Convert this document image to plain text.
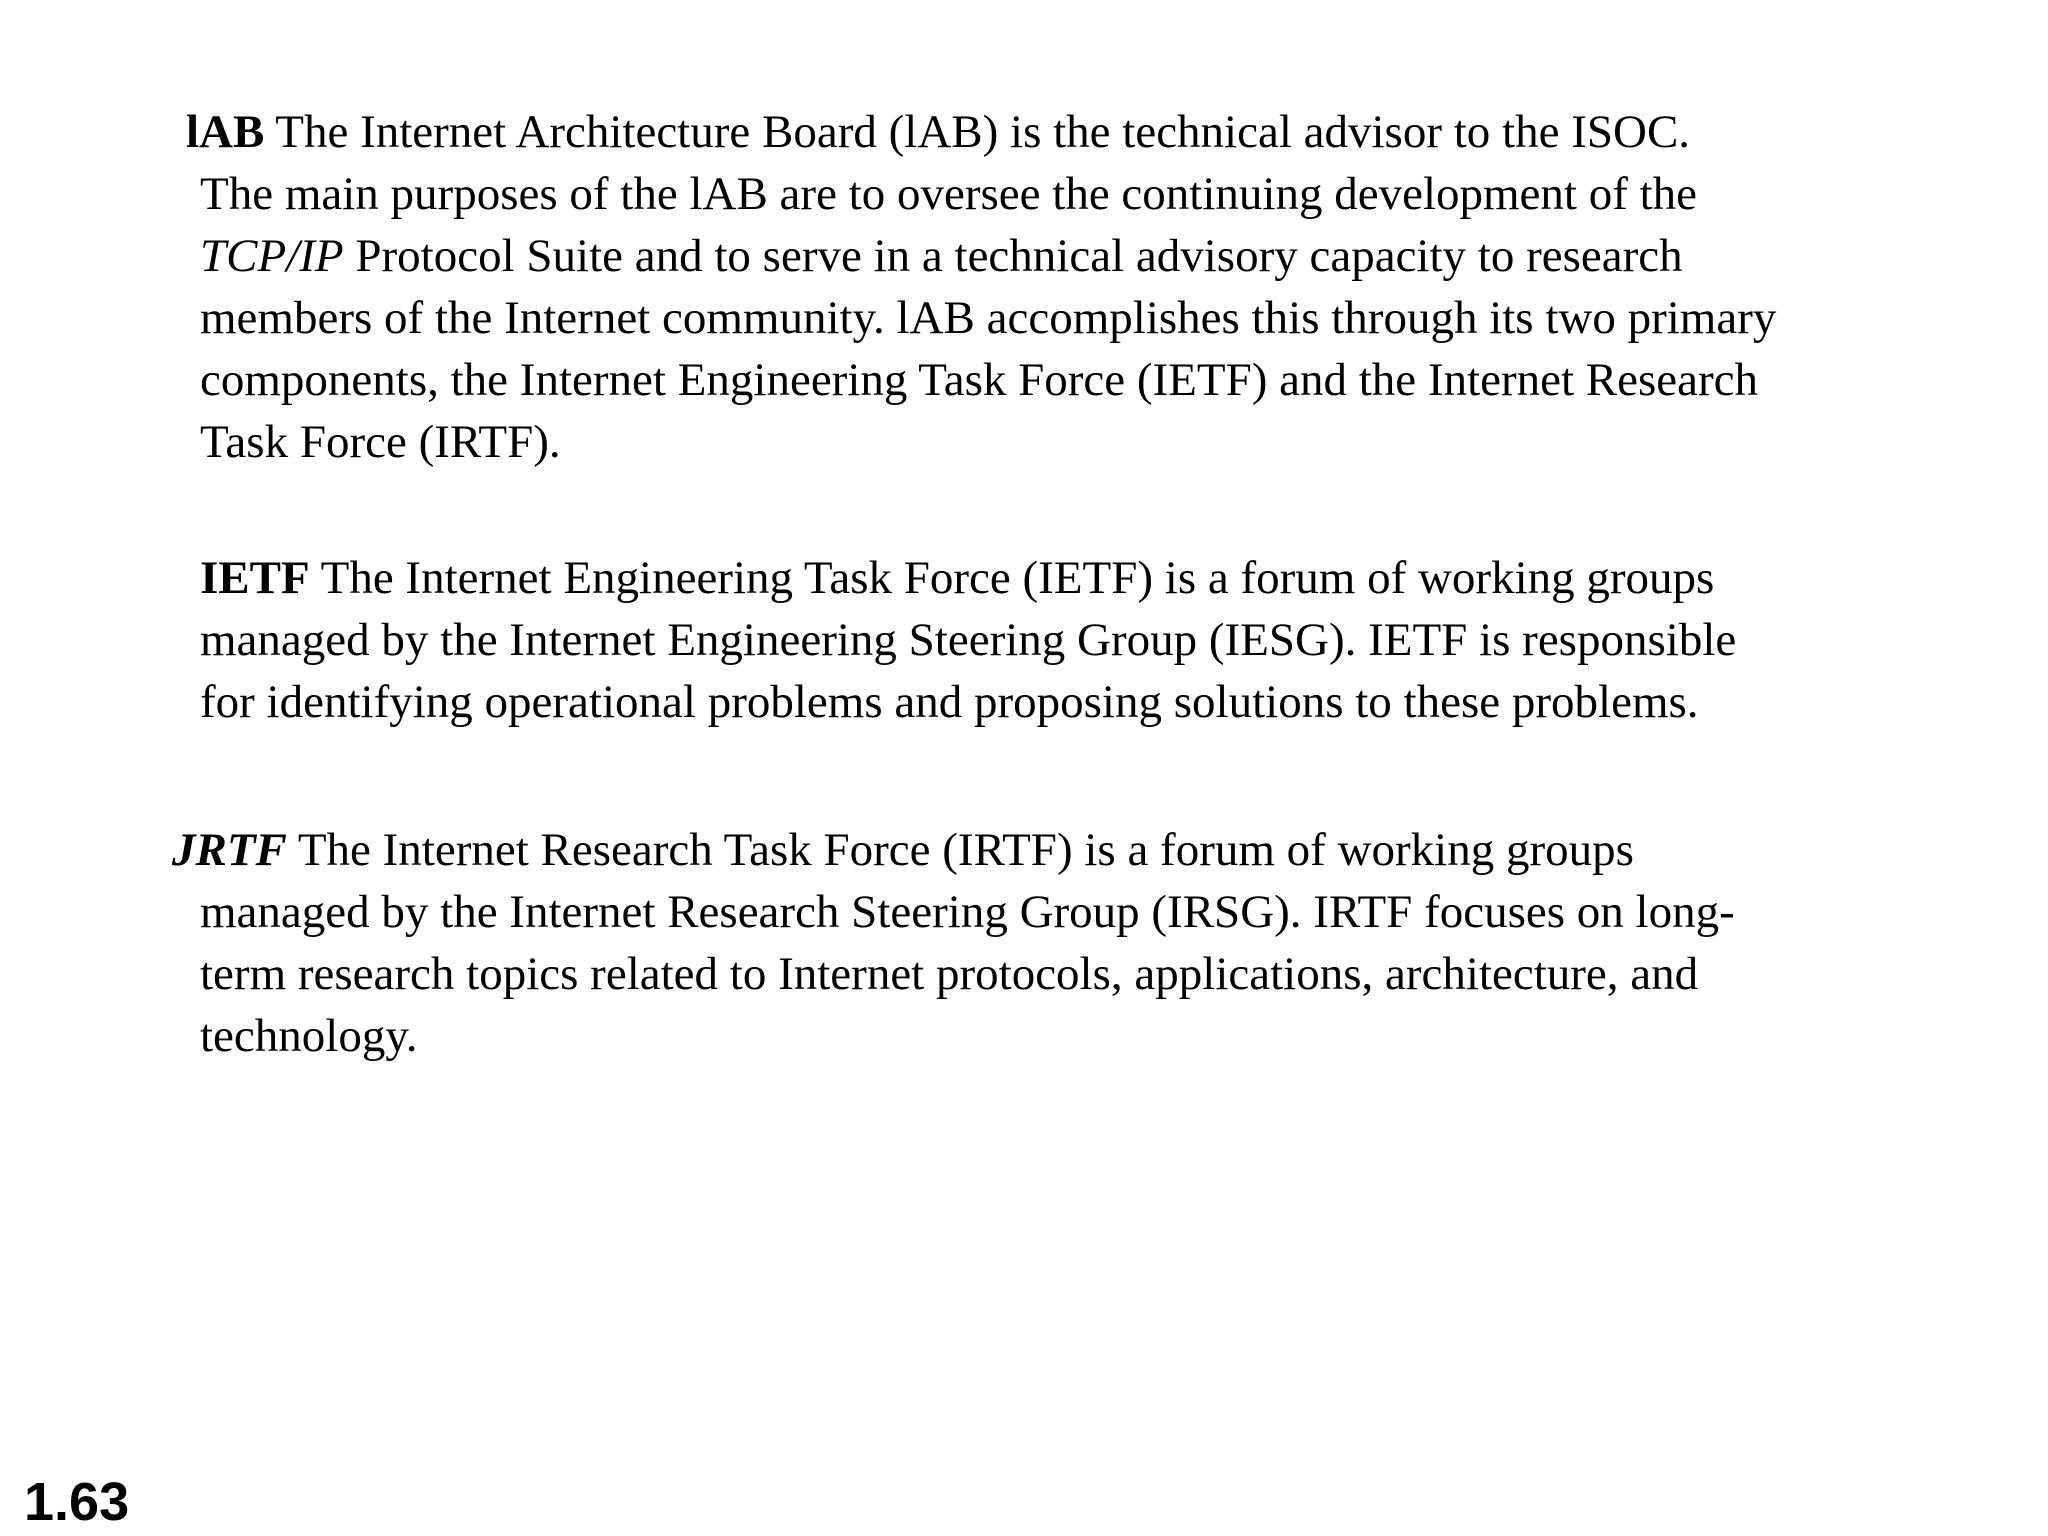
lAB The Internet Architecture Board (lAB) is the technical advisor to the ISOC.
The main purposes of the lAB are to oversee the continuing development of the
TCP/IP Protocol Suite and to serve in a technical advisory capacity to research
members of the Internet community. lAB accomplishes this through its two primary
components, the Internet Engineering Task Force (IETF) and the Internet Research
Task Force (IRTF).
IETF The Internet Engineering Task Force (IETF) is a forum of working groups
managed by the Internet Engineering Steering Group (IESG). IETF is responsible
for identifying operational problems and proposing solutions to these problems.
JRTF The Internet Research Task Force (IRTF) is a forum of working groups
managed by the Internet Research Steering Group (IRSG). IRTF focuses on long-
term research topics related to Internet protocols, applications, architecture, and
technology.
1.63
